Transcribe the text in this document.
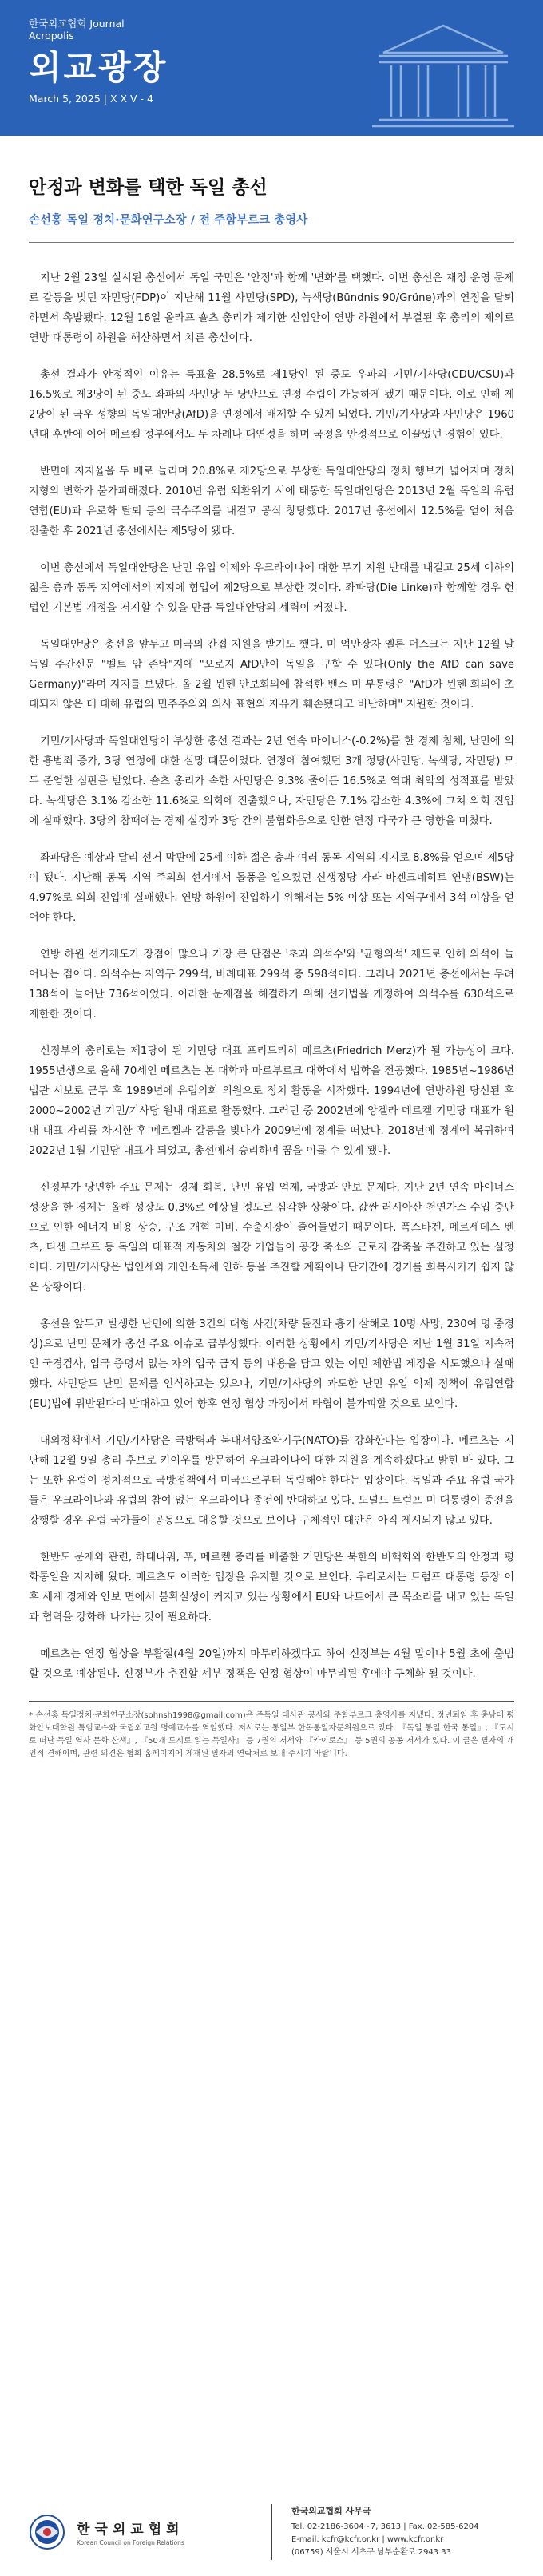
한국외교협회 Journal
Acropolis
외교광장
March 5, 2025 | X X V - 4
안정과 변화를 택한 독일 총선
손선홍 독일 정치·문화연구소장 / 전 주함부르크 총영사

지난 2월 23일 실시된 총선에서 독일 국민은 '안정'과 함께 '변화'를 택했다. 이번 총선은 재정 운영 문제로 갈등을 빚던 자민당(FDP)이 지난해 11월 사민당(SPD), 녹색당(Bündnis 90/Grüne)과의 연정을 탈퇴하면서 촉발됐다. 12월 16일 올라프 숄츠 총리가 제기한 신임안이 연방 하원에서 부결된 후 총리의 제의로 연방 대통령이 하원을 해산하면서 치른 총선이다.

총선 결과가 안정적인 이유는 득표율 28.5%로 제1당인 된 중도 우파의 기민/기사당(CDU/CSU)과 16.5%로 제3당이 된 중도 좌파의 사민당 두 당만으로 연정 수립이 가능하게 됐기 때문이다. 이로 인해 제2당이 된 극우 성향의 독일대안당(AfD)을 연정에서 배제할 수 있게 되었다. 기민/기사당과 사민당은 1960년대 후반에 이어 메르켈 정부에서도 두 차례나 대연정을 하며 국정을 안정적으로 이끌었던 경험이 있다.

반면에 지지율을 두 배로 늘리며 20.8%로 제2당으로 부상한 독일대안당의 정치 행보가 넓어지며 정치지형의 변화가 불가피해졌다. 2010년 유럽 외환위기 시에 태동한 독일대안당은 2013년 2월 독일의 유럽연합(EU)과 유로화 탈퇴 등의 국수주의를 내걸고 공식 창당했다. 2017년 총선에서 12.5%를 얻어 처음 진출한 후 2021년 총선에서는 제5당이 됐다.

이번 총선에서 독일대안당은 난민 유입 억제와 우크라이나에 대한 무기 지원 반대를 내걸고 25세 이하의 젊은 층과 동독 지역에서의 지지에 힘입어 제2당으로 부상한 것이다. 좌파당(Die Linke)과 함께할 경우 헌법인 기본법 개정을 저지할 수 있을 만큼 독일대안당의 세력이 커졌다.

독일대안당은 총선을 앞두고 미국의 간접 지원을 받기도 했다. 미 억만장자 엘론 머스크는 지난 12월 말 독일 주간신문 "벨트 암 존탁"지에 "오로지 AfD만이 독일을 구할 수 있다(Only the AfD can save Germany)"라며 지지를 보냈다. 올 2월 뮌헨 안보회의에 참석한 밴스 미 부통령은 "AfD가 뮌헨 회의에 초대되지 않은 데 대해 유럽의 민주주의와 의사 표현의 자유가 훼손됐다고 비난하며" 지원한 것이다.

기민/기사당과 독일대안당이 부상한 총선 결과는 2년 연속 마이너스(-0.2%)를 한 경제 침체, 난민에 의한 흉범죄 증가, 3당 연정에 대한 실망 때문이었다. 연정에 참여했던 3개 정당(사민당, 녹색당, 자민당) 모두 준엄한 심판을 받았다. 숄츠 총리가 속한 사민당은 9.3% 줄어든 16.5%로 역대 최악의 성적표를 받았다. 녹색당은 3.1% 감소한 11.6%로 의회에 진출했으나, 자민당은 7.1% 감소한 4.3%에 그쳐 의회 진입에 실패했다. 3당의 참패에는 경제 실정과 3당 간의 불협화음으로 인한 연정 파국가 큰 영향을 미쳤다.

좌파당은 예상과 달리 선거 막판에 25세 이하 젊은 층과 여러 동독 지역의 지지로 8.8%를 얻으며 제5당이 됐다. 지난해 동독 지역 주의회 선거에서 돌풍을 일으켰던 신생정당 자라 바겐크네히트 연맹(BSW)는 4.97%로 의회 진입에 실패했다. 연방 하원에 진입하기 위해서는 5% 이상 또는 지역구에서 3석 이상을 얻어야 한다.

연방 하원 선거제도가 장점이 많으나 가장 큰 단점은 '초과 의석수'와 '균형의석' 제도로 인해 의석이 늘어나는 점이다. 의석수는 지역구 299석, 비례대표 299석 총 598석이다. 그러나 2021년 총선에서는 무려 138석이 늘어난 736석이었다. 이러한 문제점을 해결하기 위해 선거법을 개정하여 의석수를 630석으로 제한한 것이다.

신정부의 총리로는 제1당이 된 기민당 대표 프리드리히 메르츠(Friedrich Merz)가 될 가능성이 크다. 1955년생으로 올해 70세인 메르츠는 본 대학과 마르부르크 대학에서 법학을 전공했다. 1985년~1986년 법관 시보로 근무 후 1989년에 유럽의회 의원으로 정치 활동을 시작했다. 1994년에 연방하원 당선된 후 2000~2002년 기민/기사당 원내 대표로 활동했다. 그러던 중 2002년에 앙겔라 메르켈 기민당 대표가 원내 대표 자리를 차지한 후 메르켈과 갈등을 빚다가 2009년에 정계를 떠났다. 2018년에 정계에 복귀하여 2022년 1월 기민당 대표가 되었고, 총선에서 승리하며 꿈을 이룰 수 있게 됐다.

신정부가 당면한 주요 문제는 경제 회복, 난민 유입 억제, 국방과 안보 문제다. 지난 2년 연속 마이너스 성장을 한 경제는 올해 성장도 0.3%로 예상될 정도로 심각한 상황이다. 값싼 러시아산 천연가스 수입 중단으로 인한 에너지 비용 상승, 구조 개혁 미비, 수출시장이 줄어들었기 때문이다. 폭스바겐, 메르세데스 벤츠, 티센 크루프 등 독일의 대표적 자동차와 철강 기업들이 공장 축소와 근로자 감축을 추진하고 있는 실정이다. 기민/기사당은 법인세와 개인소득세 인하 등을 추진할 계획이나 단기간에 경기를 회복시키기 쉽지 않은 상황이다.

총선을 앞두고 발생한 난민에 의한 3건의 대형 사건(차량 돌진과 흉기 살해로 10명 사망, 230여 명 중경상)으로 난민 문제가 총선 주요 이슈로 급부상했다. 이러한 상황에서 기민/기사당은 지난 1월 31일 지속적인 국경검사, 입국 증명서 없는 자의 입국 금지 등의 내용을 담고 있는 이민 제한법 제정을 시도했으나 실패했다. 사민당도 난민 문제를 인식하고는 있으나, 기민/기사당의 과도한 난민 유입 억제 정책이 유럽연합(EU)법에 위반된다며 반대하고 있어 향후 연정 협상 과정에서 타협이 불가피할 것으로 보인다.

대외정책에서 기민/기사당은 국방력과 북대서양조약기구(NATO)를 강화한다는 입장이다. 메르츠는 지난해 12월 9일 총리 후보로 키이우를 방문하여 우크라이나에 대한 지원을 계속하겠다고 밝힌 바 있다. 그는 또한 유럽이 정치적으로 국방정책에서 미국으로부터 독립해야 한다는 입장이다. 독일과 주요 유럽 국가들은 우크라이나와 유럽의 참여 없는 우크라이나 종전에 반대하고 있다. 도널드 트럼프 미 대통령이 종전을 강행할 경우 유럽 국가들이 공동으로 대응할 것으로 보이나 구체적인 대안은 아직 제시되지 않고 있다.

한반도 문제와 관련, 하태나워, 푸, 메르켈 총리를 배출한 기민당은 북한의 비핵화와 한반도의 안정과 평화통일을 지지해 왔다. 메르츠도 이러한 입장을 유지할 것으로 보인다. 우리로서는 트럼프 대통령 등장 이후 세계 경제와 안보 면에서 불확실성이 커지고 있는 상황에서 EU와 나토에서 큰 목소리를 내고 있는 독일과 협력을 강화해 나가는 것이 필요하다.

메르츠는 연정 협상을 부활절(4월 20일)까지 마무리하겠다고 하여 신정부는 4월 말이나 5월 초에 출범할 것으로 예상된다. 신정부가 추진할 세부 정책은 연정 협상이 마무리된 후에야 구체화 될 것이다.

* 손선홍 독일정치·문화연구소장(sohnsh1998@gmail.com)은 주독일 대사관 공사와 주함부르크 총영사를 지냈다. 정년퇴임 후 충남대 평화안보대학원 특임교수와 국립외교원 명예교수를 역임했다. 저서로는 통일부 한독통일자문위원으로 있다. 『독일 통일 한국 통일』, 『도시로 떠난 독일 역사 문화 산책』, 『50개 도시로 읽는 독일사』 등 7권의 저서와 『카이로스』 등 5권의 공동 저서가 있다. 이 글은 필자의 개인적 견해이며, 관련 의견은 협회 홈페이지에 게재된 필자의 연락처로 보내 주시기 바랍니다.
한국외교협회
Korean Council on Foreign Relations
한국외교협회 사무국
Tel. 02-2186-3604~7, 3613 | Fax. 02-585-6204
E-mail. kcfr@kcfr.or.kr | www.kcfr.or.kr
(06759) 서울시 서초구 남부순환로 2943 33
